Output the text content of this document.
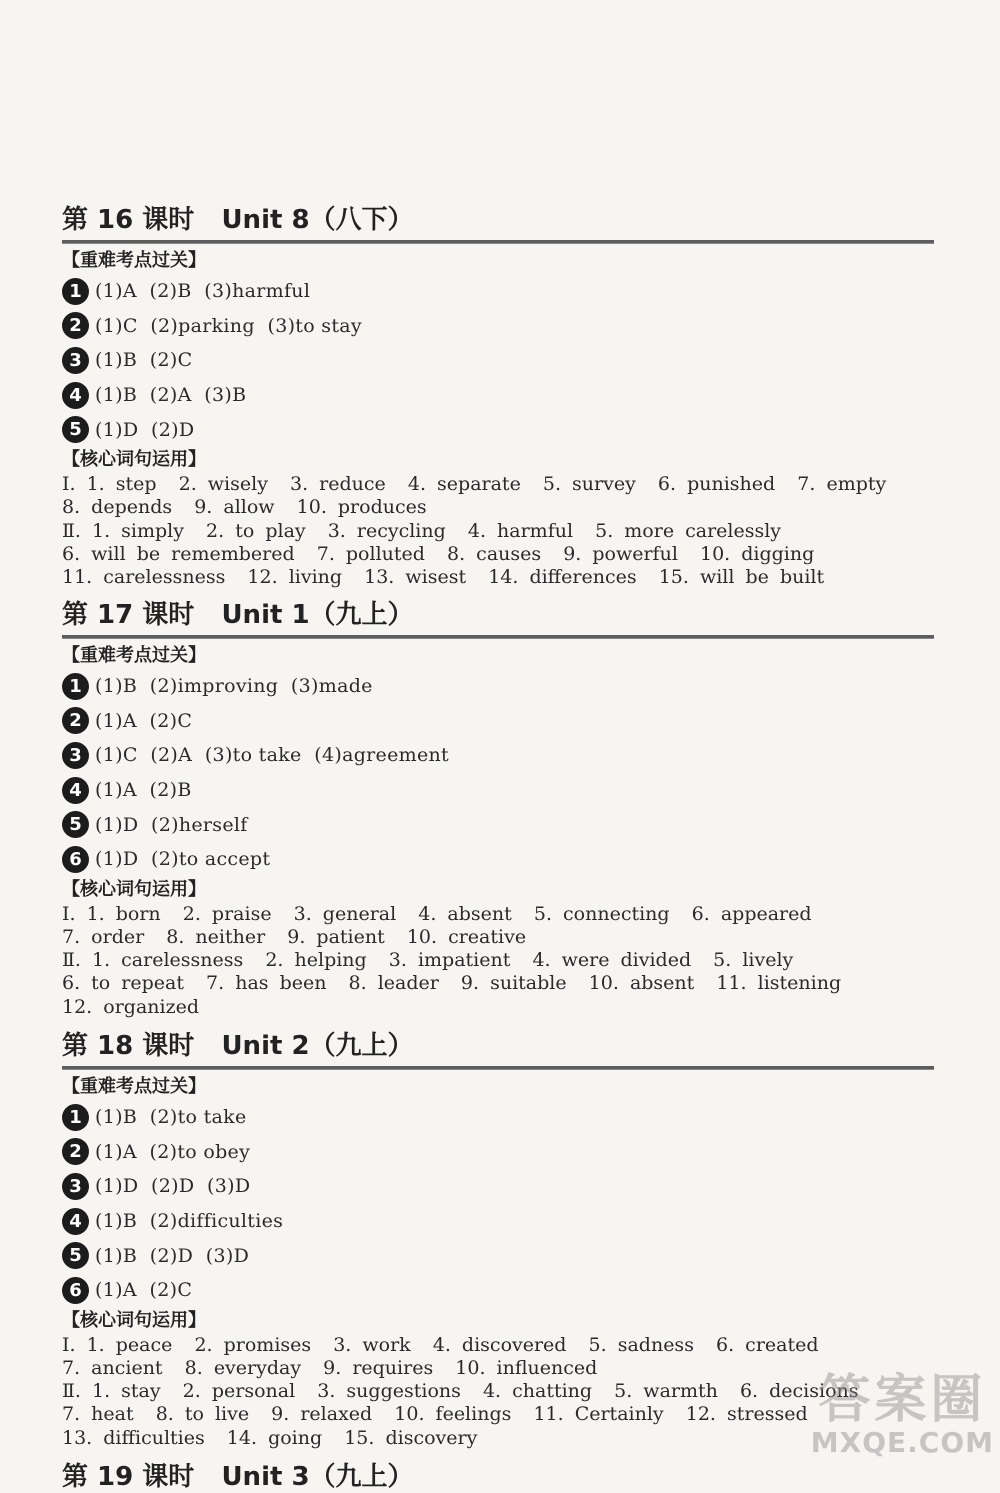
第 16 课时   Unit 8（八下）
【重难考点过关】
1 (1)A  (2)B  (3)harmful
2 (1)C  (2)parking  (3)to stay
3 (1)B  (2)C
4 (1)B  (2)A  (3)B
5 (1)D  (2)D
【核心词句运用】
Ⅰ. 1. step  2. wisely  3. reduce  4. separate  5. survey  6. punished  7. empty
8. depends  9. allow  10. produces
Ⅱ. 1. simply  2. to play  3. recycling  4. harmful  5. more carelessly
6. will be remembered  7. polluted  8. causes  9. powerful  10. digging
11. carelessness  12. living  13. wisest  14. differences  15. will be built
第 17 课时   Unit 1（九上）
【重难考点过关】
1 (1)B  (2)improving  (3)made
2 (1)A  (2)C
3 (1)C  (2)A  (3)to take  (4)agreement
4 (1)A  (2)B
5 (1)D  (2)herself
6 (1)D  (2)to accept
【核心词句运用】
Ⅰ. 1. born  2. praise  3. general  4. absent  5. connecting  6. appeared
7. order  8. neither  9. patient  10. creative
Ⅱ. 1. carelessness  2. helping  3. impatient  4. were divided  5. lively
6. to repeat  7. has been  8. leader  9. suitable  10. absent  11. listening
12. organized
第 18 课时   Unit 2（九上）
【重难考点过关】
1 (1)B  (2)to take
2 (1)A  (2)to obey
3 (1)D  (2)D  (3)D
4 (1)B  (2)difficulties
5 (1)B  (2)D  (3)D
6 (1)A  (2)C
【核心词句运用】
Ⅰ. 1. peace  2. promises  3. work  4. discovered  5. sadness  6. created
7. ancient  8. everyday  9. requires  10. influenced
Ⅱ. 1. stay  2. personal  3. suggestions  4. chatting  5. warmth  6. decisions
7. heat  8. to live  9. relaxed  10. feelings  11. Certainly  12. stressed
13. difficulties  14. going  15. discovery
第 19 课时   Unit 3（九上）
答案圈
MXQE.COM
